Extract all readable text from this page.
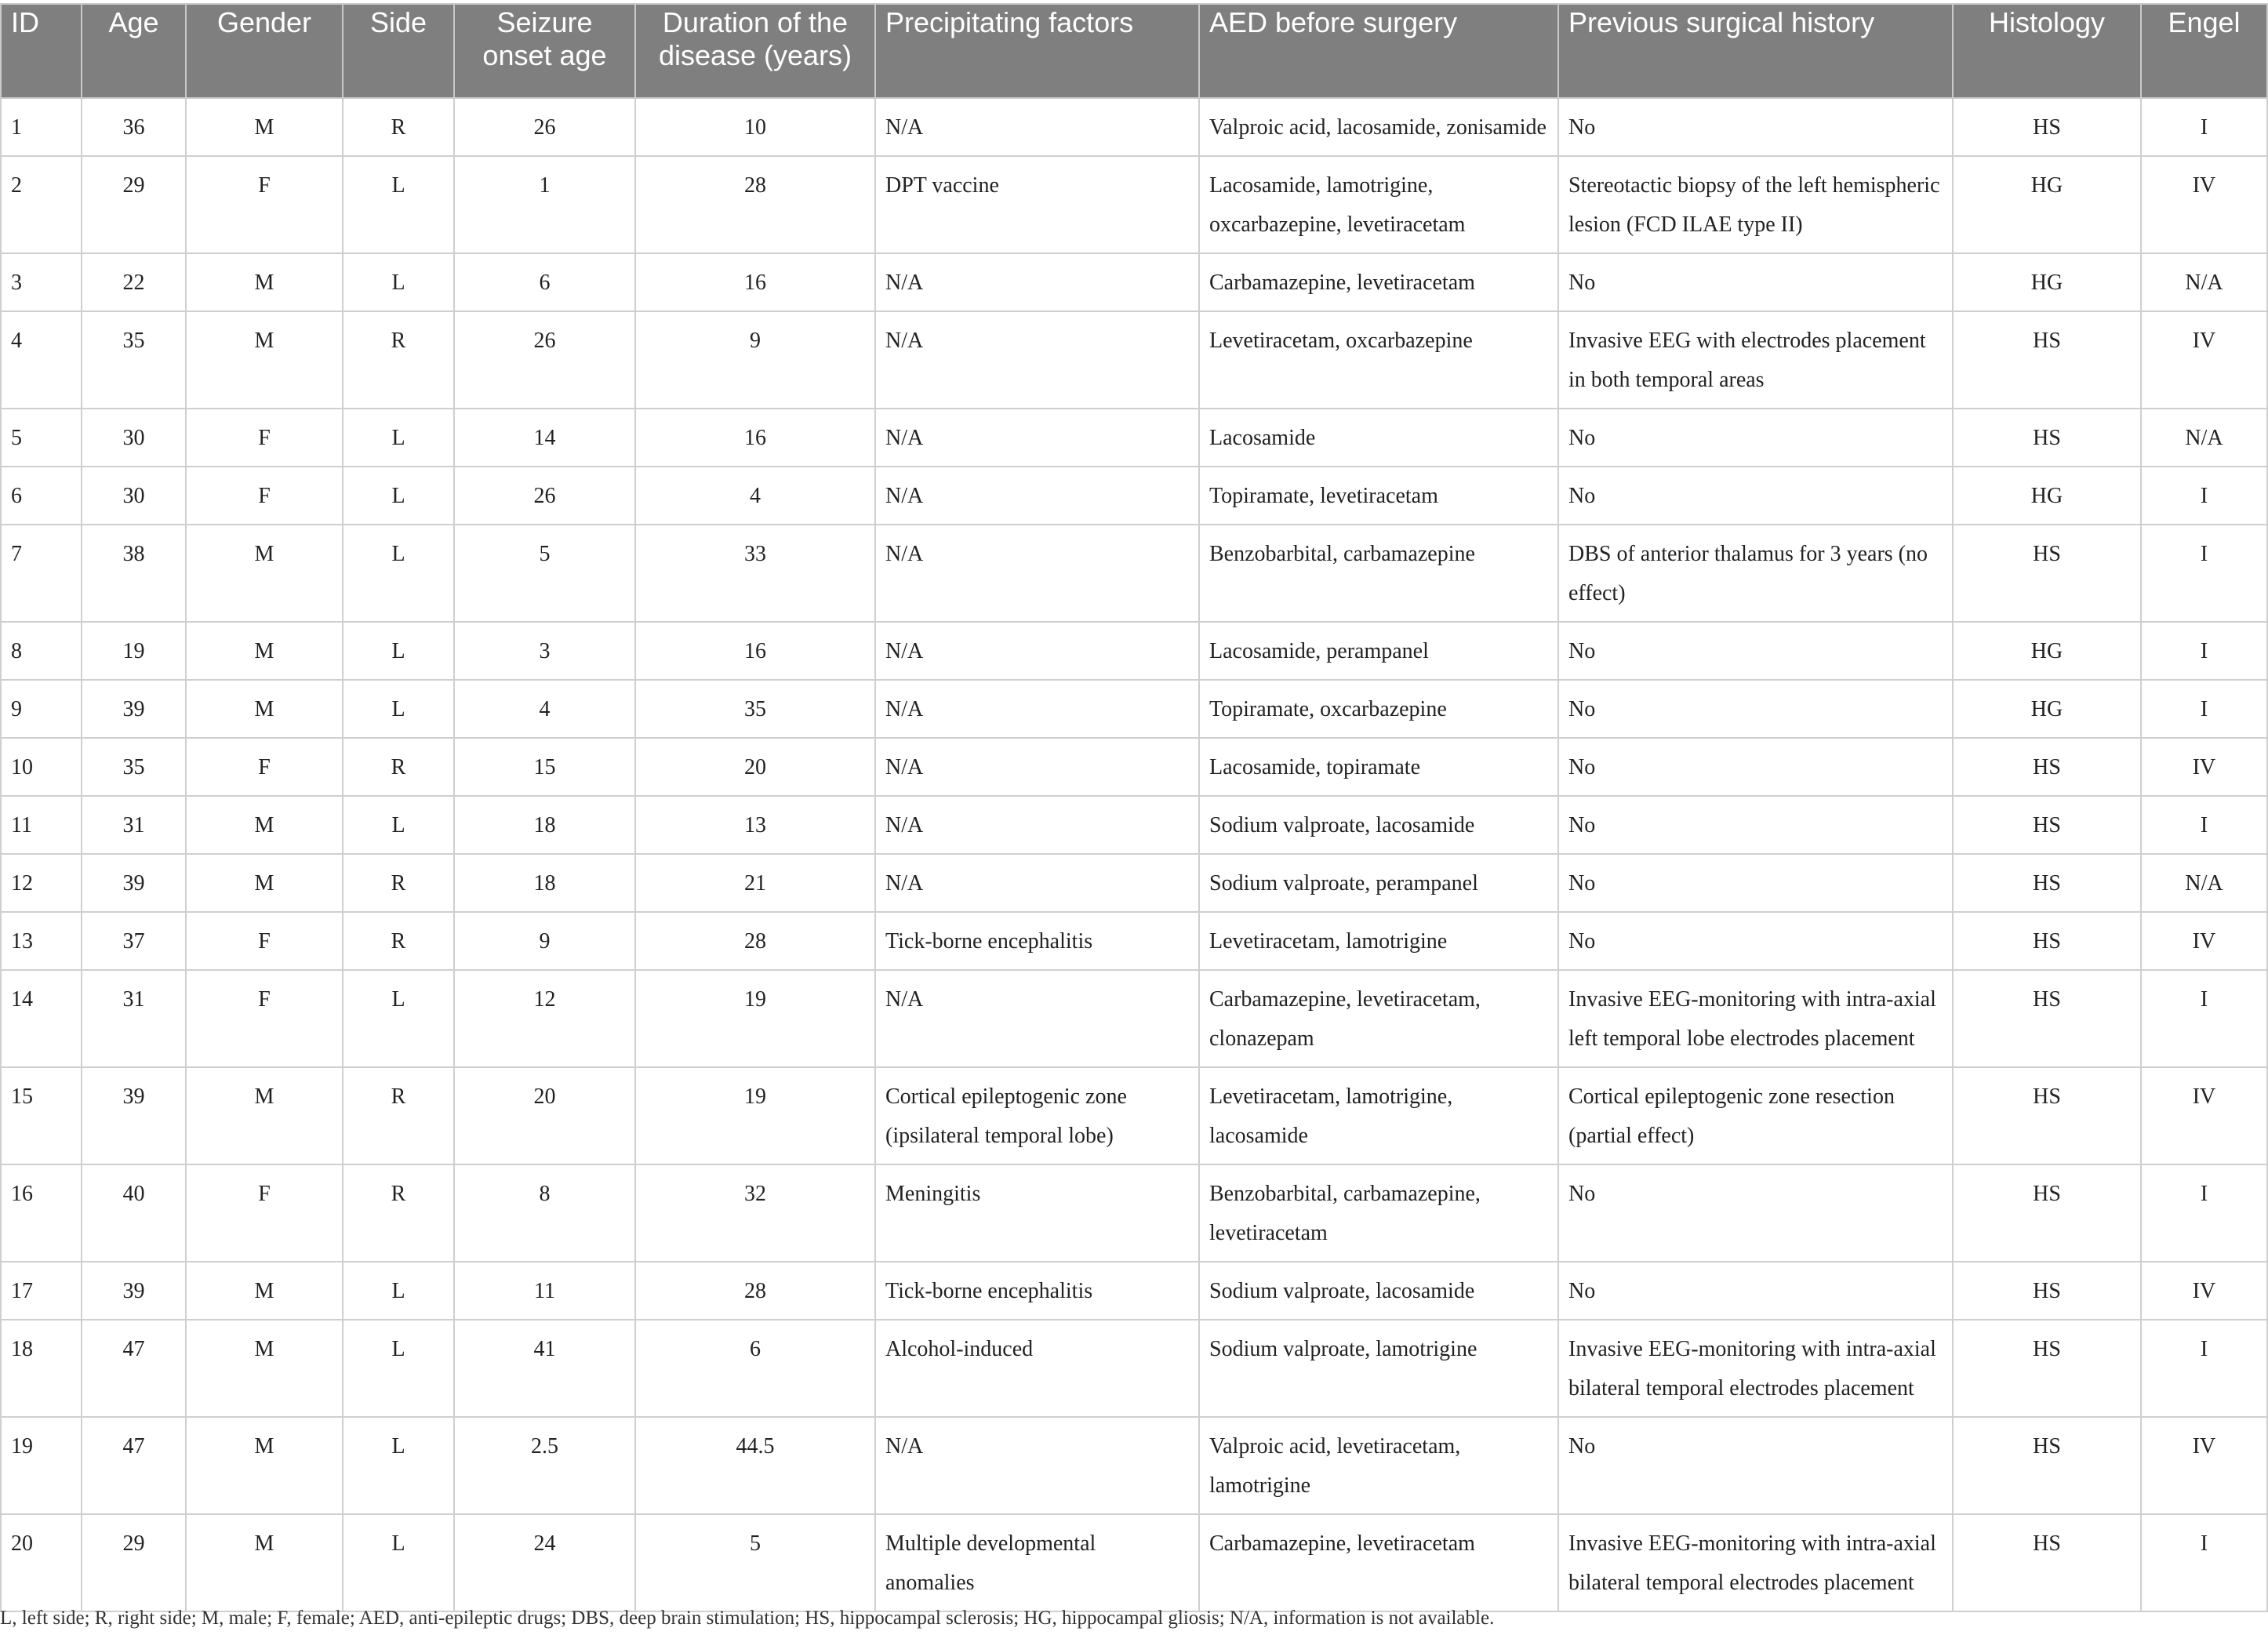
ID	Age	Gender	Side	Seizure onset age	Duration of the disease (years)	Precipitating factors	AED before surgery	Previous surgical history	Histology	Engel
1	36	M	R	26	10	N/A	Valproic acid, lacosamide, zonisamide	No	HS	I
2	29	F	L	1	28	DPT vaccine	Lacosamide, lamotrigine, oxcarbazepine, levetiracetam	Stereotactic biopsy of the left hemispheric lesion (FCD ILAE type II)	HG	IV
3	22	M	L	6	16	N/A	Carbamazepine, levetiracetam	No	HG	N/A
4	35	M	R	26	9	N/A	Levetiracetam, oxcarbazepine	Invasive EEG with electrodes placement in both temporal areas	HS	IV
5	30	F	L	14	16	N/A	Lacosamide	No	HS	N/A
6	30	F	L	26	4	N/A	Topiramate, levetiracetam	No	HG	I
7	38	M	L	5	33	N/A	Benzobarbital, carbamazepine	DBS of anterior thalamus for 3 years (no effect)	HS	I
8	19	M	L	3	16	N/A	Lacosamide, perampanel	No	HG	I
9	39	M	L	4	35	N/A	Topiramate, oxcarbazepine	No	HG	I
10	35	F	R	15	20	N/A	Lacosamide, topiramate	No	HS	IV
11	31	M	L	18	13	N/A	Sodium valproate, lacosamide	No	HS	I
12	39	M	R	18	21	N/A	Sodium valproate, perampanel	No	HS	N/A
13	37	F	R	9	28	Tick-borne encephalitis	Levetiracetam, lamotrigine	No	HS	IV
14	31	F	L	12	19	N/A	Carbamazepine, levetiracetam, clonazepam	Invasive EEG-monitoring with intra-axial left temporal lobe electrodes placement	HS	I
15	39	M	R	20	19	Cortical epileptogenic zone (ipsilateral temporal lobe)	Levetiracetam, lamotrigine, lacosamide	Cortical epileptogenic zone resection (partial effect)	HS	IV
16	40	F	R	8	32	Meningitis	Benzobarbital, carbamazepine, levetiracetam	No	HS	I
17	39	M	L	11	28	Tick-borne encephalitis	Sodium valproate, lacosamide	No	HS	IV
18	47	M	L	41	6	Alcohol-induced	Sodium valproate, lamotrigine	Invasive EEG-monitoring with intra-axial bilateral temporal electrodes placement	HS	I
19	47	M	L	2.5	44.5	N/A	Valproic acid, levetiracetam, lamotrigine	No	HS	IV
20	29	M	L	24	5	Multiple developmental anomalies	Carbamazepine, levetiracetam	Invasive EEG-monitoring with intra-axial bilateral temporal electrodes placement	HS	I
L, left side; R, right side; M, male; F, female; AED, anti-epileptic drugs; DBS, deep brain stimulation; HS, hippocampal sclerosis; HG, hippocampal gliosis; N/A, information is not available.
